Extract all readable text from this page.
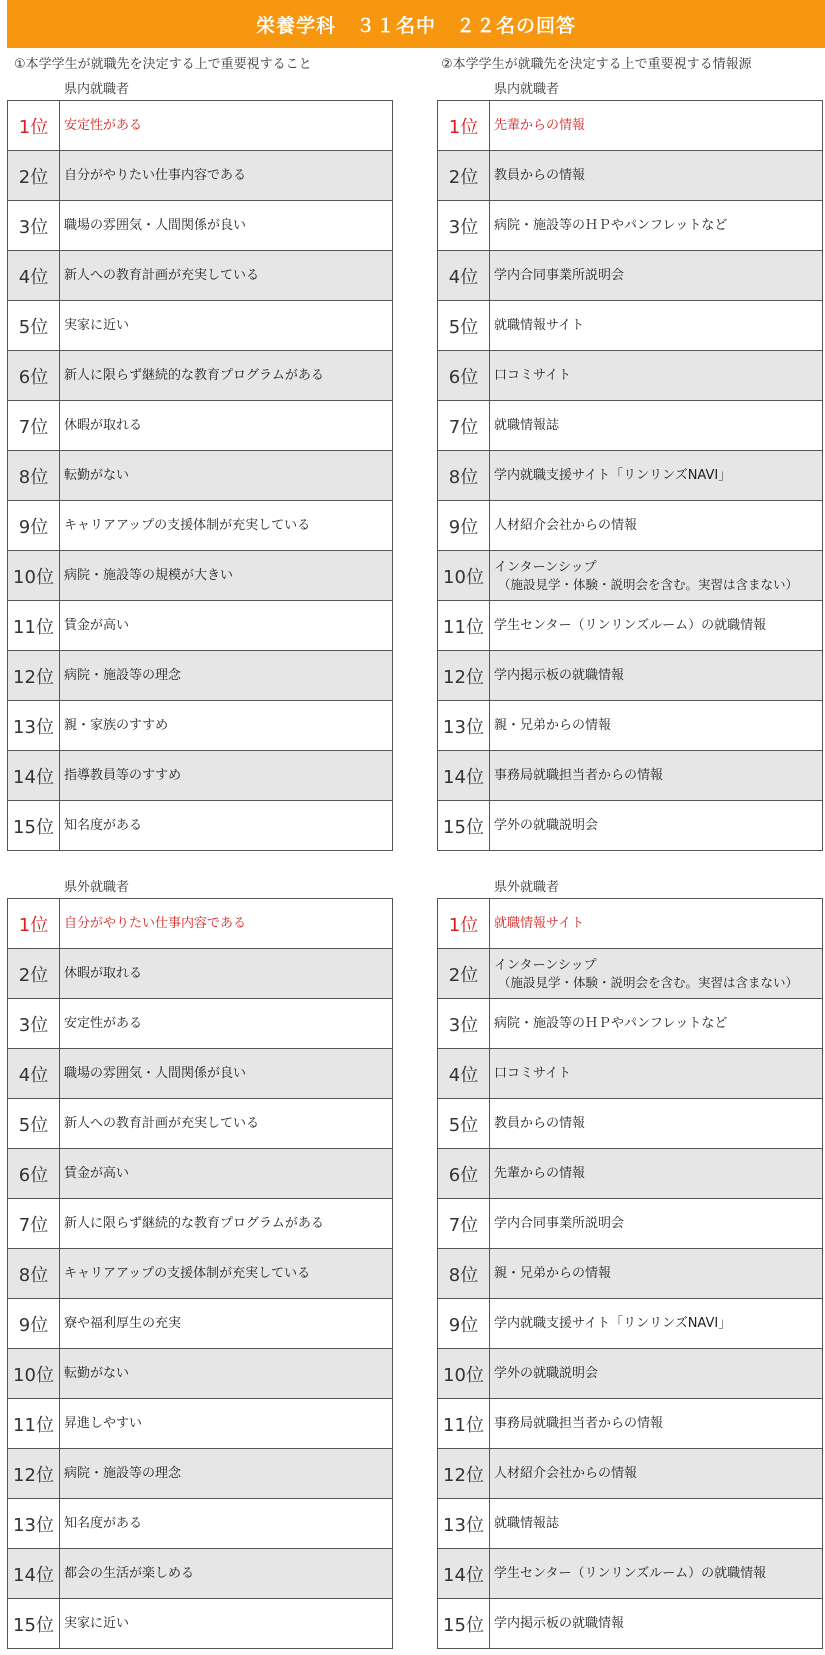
栄養学科　３１名中　２２名の回答
①本学学生が就職先を決定する上で重要視すること	②本学学生が就職先を決定する上で重要視する情報源
県内就職者	県内就職者
1位	安定性がある
2位	自分がやりたい仕事内容である
3位	職場の雰囲気・人間関係が良い
4位	新人への教育計画が充実している
5位	実家に近い
6位	新人に限らず継続的な教育プログラムがある
7位	休暇が取れる
8位	転勤がない
9位	キャリアアップの支援体制が充実している
10位	病院・施設等の規模が大きい
11位	賃金が高い
12位	病院・施設等の理念
13位	親・家族のすすめ
14位	指導教員等のすすめ
15位	知名度がある
1位	先輩からの情報
2位	教員からの情報
3位	病院・施設等のＨＰやパンフレットなど
4位	学内合同事業所説明会
5位	就職情報サイト
6位	口コミサイト
7位	就職情報誌
8位	学内就職支援サイト「リンリンズNAVI」
9位	人材紹介会社からの情報
10位	インターンシップ
（施設見学・体験・説明会を含む。実習は含まない）

11位	学生センター（リンリンズルーム）の就職情報
12位	学内掲示板の就職情報
13位	親・兄弟からの情報
14位	事務局就職担当者からの情報
15位	学外の就職説明会
県外就職者	県外就職者
1位	自分がやりたい仕事内容である
2位	休暇が取れる
3位	安定性がある
4位	職場の雰囲気・人間関係が良い
5位	新人への教育計画が充実している
6位	賃金が高い
7位	新人に限らず継続的な教育プログラムがある
8位	キャリアアップの支援体制が充実している
9位	寮や福利厚生の充実
10位	転勤がない
11位	昇進しやすい
12位	病院・施設等の理念
13位	知名度がある
14位	都会の生活が楽しめる
15位	実家に近い
1位	就職情報サイト
2位	インターンシップ
（施設見学・体験・説明会を含む。実習は含まない）

3位	病院・施設等のＨＰやパンフレットなど
4位	口コミサイト
5位	教員からの情報
6位	先輩からの情報
7位	学内合同事業所説明会
8位	親・兄弟からの情報
9位	学内就職支援サイト「リンリンズNAVI」
10位	学外の就職説明会
11位	事務局就職担当者からの情報
12位	人材紹介会社からの情報
13位	就職情報誌
14位	学生センター（リンリンズルーム）の就職情報
15位	学内掲示板の就職情報
